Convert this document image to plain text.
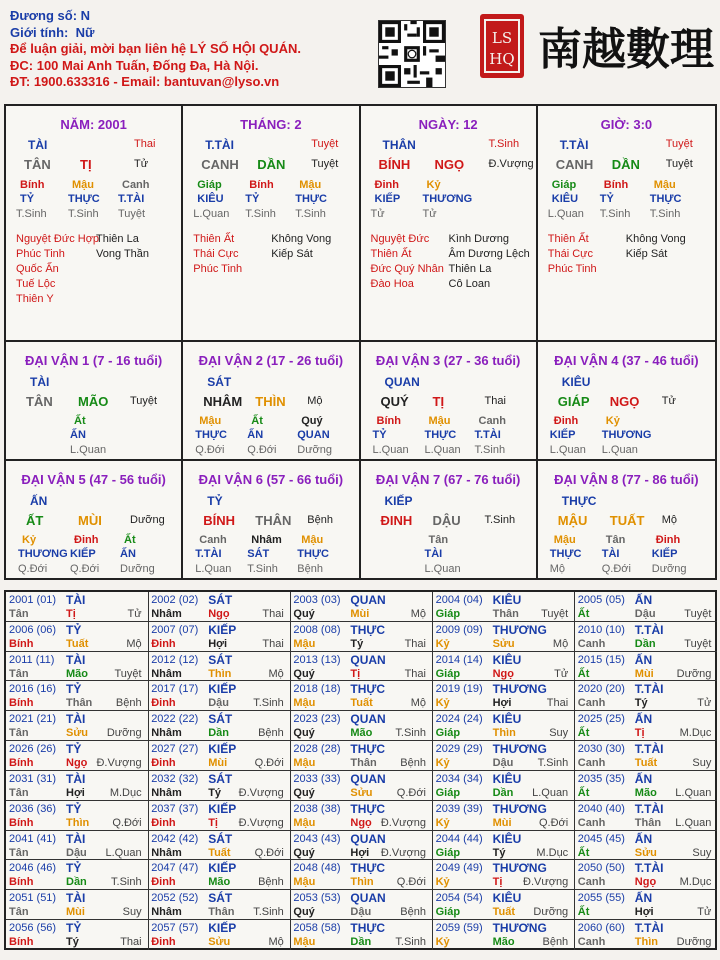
Đương số: N
Giới tính: Nữ
Để luận giải, mời bạn liên hệ LÝ SỐ HỘI QUÁN.
ĐC: 100 Mai Anh Tuấn, Đống Đa, Hà Nội.
ĐT: 1900.633316 - Email: bantuvan@lyso.vn
LS
HQ 南越數理
NĂM: 2001
TÀI	Thai
TÂN TỊ	Tử
Bính	Mậu	Canh
TỶ	THỰC T.TÀI
T.Sinh T.Sinh Tuyệt
Nguyệt Đức Hợp
Phúc Tinh
Quốc Ấn
Tuế Lộc
Thiên Y
Thiên La
Vong Thần
THÁNG: 2
T.TÀI	Tuyệt
CANH DẦN Tuyệt
Giáp	Bính Mậu
KIÊU TỶ	THỰC
L.Quan T.Sinh T.Sinh
Thiên Ất
Thái Cực
Phúc Tinh
Không Vong
Kiếp Sát
NGÀY: 12
THÂN	T.Sinh
BÍNH NGỌ Đ.Vượng
Đinh	Kỷ
KIẾP THƯƠNG
Tử	Tử
Nguyệt Đức
Thiên Ất
Đức Quý Nhân
Đào Hoa
Kình Dương
Âm Dương Lệch
Thiên La
Cô Loan
GIỜ: 3:0
T.TÀI	Tuyệt
CANH DẦN Tuyệt
Giáp	Bính Mậu
KIÊU TỶ	THỰC
L.Quan T.Sinh T.Sinh
Thiên Ất
Thái Cực
Phúc Tinh
Không Vong
Kiếp Sát
ĐẠI VẬN 1 (7 - 16 tuổi)
TÀI
TÂN MÃO Tuyệt
Ất
ẤN
L.Quan
ĐẠI VẬN 2 (17 - 26 tuổi)
SÁT
NHÂM THÌN Mộ
Mậu	Ất	Quý
THỰC ẤN	QUAN
Q.Đới Q.Đới Dưỡng
ĐẠI VẬN 3 (27 - 36 tuổi)
QUAN
QUÝ TỊ	Thai
Bính	Mậu	Canh
TỶ	THỰC T.TÀI
L.Quan L.Quan T.Sinh
ĐẠI VẬN 4 (37 - 46 tuổi)
KIÊU
GIÁP NGỌ Tử
Đinh	Kỷ
KIẾP THƯƠNG
L.Quan L.Quan
ĐẠI VẬN 5 (47 - 56 tuổi)
ẤN
ẤT	MÙI	Dưỡng
Kỷ	Đinh Ất
THƯƠNG KIẾP ẤN
Q.Đới Q.Đới Dưỡng
ĐẠI VẬN 6 (57 - 66 tuổi)
TỶ
BÍNH THÂN Bệnh
Canh Nhâm Mậu
T.TÀI SÁT	THỰC
L.Quan T.Sinh Bệnh
ĐẠI VẬN 7 (67 - 76 tuổi)
KIẾP
ĐINH DẬU T.Sinh
Tân
TÀI
L.Quan
ĐẠI VẬN 8 (77 - 86 tuổi)
THỰC
MẬU TUẤT Mộ
Mậu	Tân	Đinh
THỰC TÀI	KIẾP
Mộ	Q.Đới Dưỡng
2001 (01) TÀI
Tân	Tị	Tử
2002 (02) SÁT
Nhâm Ngọ	Thai
2003 (03) QUAN
Quý	Mùi	Mộ
2004 (04) KIÊU
Giáp	Thân Tuyệt
2005 (05) ẤN
Ất	Dậu	Tuyệt
2006 (06) TỶ
Bính	Tuất	Mộ
2007 (07) KIẾP
Đinh	Hợi	Thai
2008 (08) THỰC
Mậu	Tý	Thai
2009 (09) THƯƠNG
Kỷ	Sửu	Mộ
2010 (10) T.TÀI
Canh	Dần	Tuyệt
2011 (11) TÀI
Tân	Mão Tuyệt
2012 (12) SÁT
Nhâm Thìn	Mộ
2013 (13) QUAN
Quý	Tị	Thai
2014 (14) KIÊU
Giáp	Ngọ	Tử
2015 (15) ẤN
Ất	Mùi Dưỡng
2016 (16) TỶ
Bính	Thân Bệnh
2017 (17) KIẾP
Đinh	Dậu T.Sinh
2018 (18) THỰC
Mậu	Tuất	Mộ
2019 (19) THƯƠNG
Kỷ	Hợi	Thai
2020 (20) T.TÀI
Canh	Tý	Tử
2021 (21) TÀI
Tân	Sửu Dưỡng
2022 (22) SÁT
Nhâm Dần	Bệnh
2023 (23) QUAN
Quý	Mão T.Sinh
2024 (24) KIÊU
Giáp	Thìn	Suy
2025 (25) ẤN
Ất	Tị	M.Dục
2026 (26) TỶ
Bính	Ngọ Đ.Vượng
2027 (27) KIẾP
Đinh	Mùi Q.Đới
2028 (28) THỰC
Mậu	Thân Bệnh
2029 (29) THƯƠNG
Kỷ	Dậu T.Sinh
2030 (30) T.TÀI
Canh	Tuất	Suy
2031 (31) TÀI
Tân	Hợi M.Dục
2032 (32) SÁT
Nhâm Tý Đ.Vượng
2033 (33) QUAN
Quý	Sửu Q.Đới
2034 (34) KIÊU
Giáp	Dần L.Quan
2035 (35) ẤN
Ất	Mão L.Quan
2036 (36) TỶ
Bính	Thìn Q.Đới
2037 (37) KIẾP
Đinh	Tị Đ.Vượng
2038 (38) THỰC
Mậu	Ngọ Đ.Vượng
2039 (39) THƯƠNG
Kỷ	Mùi Q.Đới
2040 (40) T.TÀI
Canh	Thân L.Quan
2041 (41) TÀI
Tân	Dậu L.Quan
2042 (42) SÁT
Nhâm Tuất Q.Đới
2043 (43) QUAN
Quý	Hợi Đ.Vượng
2044 (44) KIÊU
Giáp	Tý	M.Dục
2045 (45) ẤN
Ất	Sửu	Suy
2046 (46) TỶ
Bính	Dần T.Sinh
2047 (47) KIẾP
Đinh	Mão	Bệnh
2048 (48) THỰC
Mậu	Thìn Q.Đới
2049 (49) THƯƠNG
Kỷ	Tị Đ.Vượng
2050 (50) T.TÀI
Canh	Ngọ M.Dục
2051 (51) TÀI
Tân	Mùi	Suy
2052 (52) SÁT
Nhâm Thân T.Sinh
2053 (53) QUAN
Quý	Dậu	Bệnh
2054 (54) KIÊU
Giáp	Tuất Dưỡng
2055 (55) ẤN
Ất	Hợi	Tử
2056 (56) TỶ
Bính	Tý	Thai
2057 (57) KIẾP
Đinh	Sửu	Mộ
2058 (58) THỰC
Mậu	Dần T.Sinh
2059 (59) THƯƠNG
Kỷ	Mão	Bệnh
2060 (60) T.TÀI
Canh	Thìn Dưỡng
